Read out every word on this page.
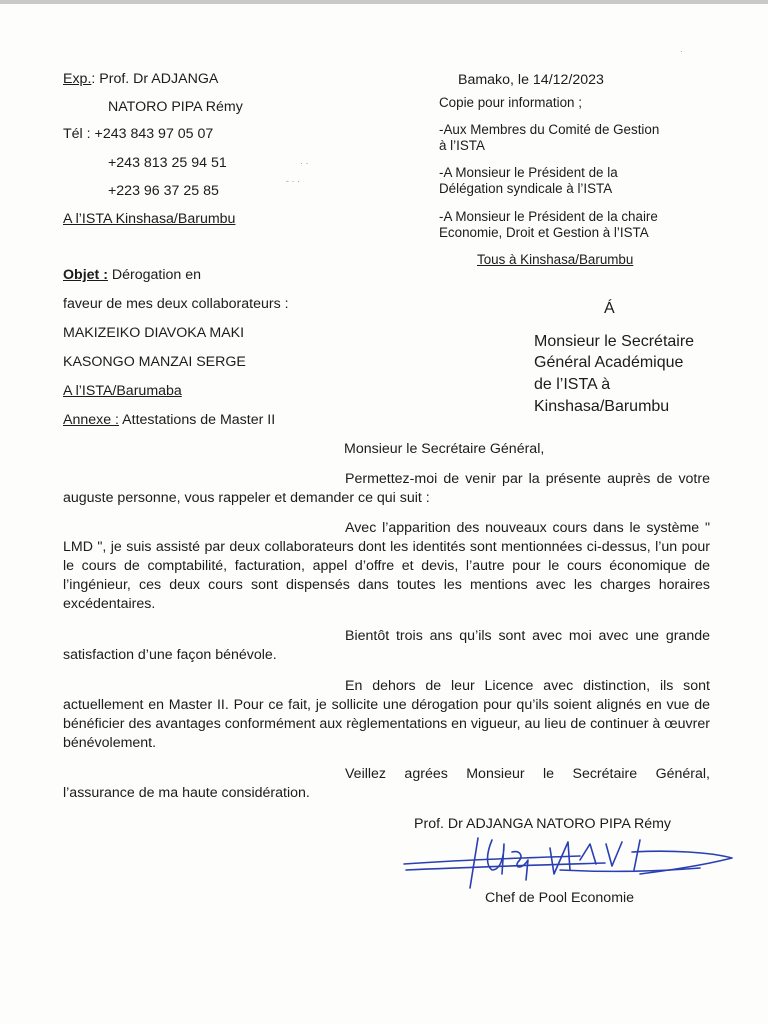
Exp.: Prof. Dr ADJANGA
NATORO PIPA Rémy
Tél : +243 843 97 05 07
+243 813 25 94 51
+223 96 37 25 85
A l’ISTA Kinshasa/Barumbu
Objet : Dérogation en
faveur de mes deux collaborateurs :
MAKIZEIKO DIAVOKA MAKI
KASONGO MANZAI SERGE
A l’ISTA/Barumaba
Annexe : Attestations de Master II
Bamako, le 14/12/2023
Copie pour information ;
-Aux Membres du Comité de Gestion
à l’ISTA
-A Monsieur le Président de la
Délégation syndicale à l’ISTA
-A Monsieur le Président de la chaire
Economie, Droit et Gestion à l’ISTA
Tous à Kinshasa/Barumbu
Á
Monsieur le Secrétaire
Général Académique
de l’ISTA à
Kinshasa/Barumbu
Monsieur le Secrétaire Général,
Permettez-moi de venir par la présente auprès de votre auguste personne, vous rappeler et demander ce qui suit :
Avec l’apparition des nouveaux cours dans le système " LMD ", je suis assisté par deux collaborateurs dont les identités sont mentionnées ci-dessus, l’un pour le cours de comptabilité, facturation, appel d’offre et devis, l’autre pour le cours économique de l’ingénieur, ces deux cours sont dispensés dans toutes les mentions avec les charges horaires excédentaires.
Bientôt trois ans qu’ils sont avec moi avec une grande satisfaction d’une façon bénévole.
En dehors de leur Licence avec distinction, ils sont actuellement en Master II. Pour ce fait, je sollicite une dérogation pour qu’ils soient alignés en vue de bénéficier des avantages conformément aux règlementations en vigueur, au lieu de continuer à œuvrer bénévolement.
Veillez agrées Monsieur le Secrétaire Général, l’assurance de ma haute considération.
Prof. Dr ADJANGA NATORO PIPA Rémy
Chef de Pool Economie
· ·
- · ·
·
